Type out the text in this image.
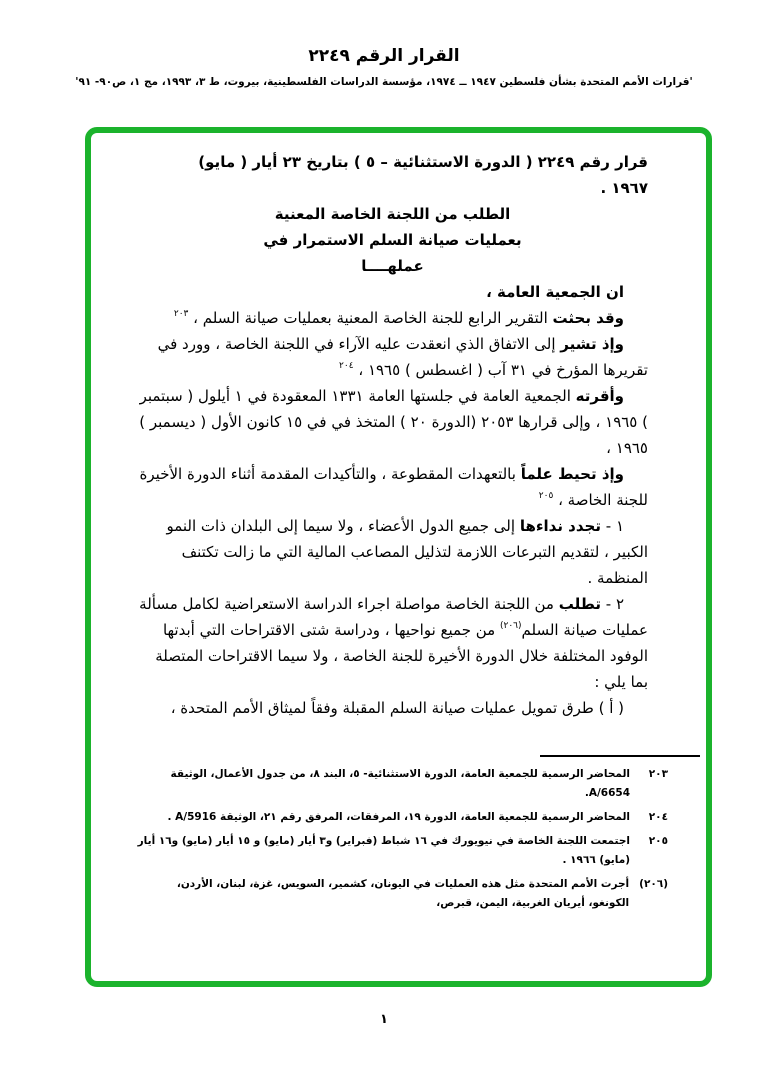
القرار الرقم ٢٢٤٩
'قرارات الأمم المتحدة بشأن فلسطين ١٩٤٧ ــ ١٩٧٤، مؤسسة الدراسات الفلسطينية، بيروت، ط ٣، ١٩٩٣، مج ١، ص٩٠- ٩١'
قرار رقم ٢٢٤٩ ( الدورة الاستثنائية – ٥ ) بتاريخ ٢٣ أيار ( مايو)
١٩٦٧ .
الطلب من اللجنة الخاصة المعنية
بعمليات صيانة السلم الاستمرار في
عملهــــا

ان الجمعية العامة ،

وقد بحثت التقرير الرابع للجنة الخاصة المعنية بعمليات صيانة السلم ، $^{٢٠٣}$

وإذ تشير إلى الاتفاق الذي انعقدت عليه الآراء في اللجنة الخاصة ، وورد في تقريرها المؤرخ في ٣١ آب ( اغسطس ) ١٩٦٥ ، $^{٢٠٤}$

وأقرته الجمعية العامة في جلستها العامة ١٣٣١ المعقودة في ١ أيلول ( سبتمبر ) ١٩٦٥ ، وإلى قرارها ٢٠٥٣ (الدورة ٢٠ ) المتخذ في في ١٥ كانون الأول ( ديسمبر ) ١٩٦٥ ،

وإذ تحيط علماً بالتعهدات المقطوعة ، والتأكيدات المقدمة أثناء الدورة الأخيرة للجنة الخاصة ، $^{٢٠٥}$

١ - تجدد نداءها إلى جميع الدول الأعضاء ، ولا سيما إلى البلدان ذات النمو الكبير ، لتقديم التبرعات اللازمة لتذليل المصاعب المالية التي ما زالت تكتنف المنظمة .

٢ - تطلب من اللجنة الخاصة مواصلة اجراء الدراسة الاستعراضية لكامل مسألة عمليات صيانة السلم$^{(٢٠٦)}$ من جميع نواحيها ، ودراسة شتى الاقتراحات التي أبدتها الوفود المختلفة خلال الدورة الأخيرة للجنة الخاصة ، ولا سيما الاقتراحات المتصلة بما يلي :

( أ ) طرق تمويل عمليات صيانة السلم المقبلة وفقاً لميثاق الأمم المتحدة ،

٢٠٣
المحاضر الرسمية للجمعية العامة، الدورة الاستثنائية- ٥، البند ٨، من جدول الأعمال، الوثيقة A/6654.
٢٠٤
المحاضر الرسمية للجمعية العامة، الدورة ١٩، المرفقات، المرفق رقم ٢١، الوثيقة A/5916 .
٢٠٥
اجتمعت اللجنة الخاصة في نيويورك في ١٦ شباط (فبراير) و٣ أيار (مايو) و ١٥ أيار (مايو) و١٦ أيار (مايو) ١٩٦٦ .
(٢٠٦)
أجرت الأمم المتحدة مثل هذه العمليات في اليونان، كشمير، السويس، غزة، لبنان، الأردن، الكونغو، أيريان الغربية، اليمن، قبرص،
١
